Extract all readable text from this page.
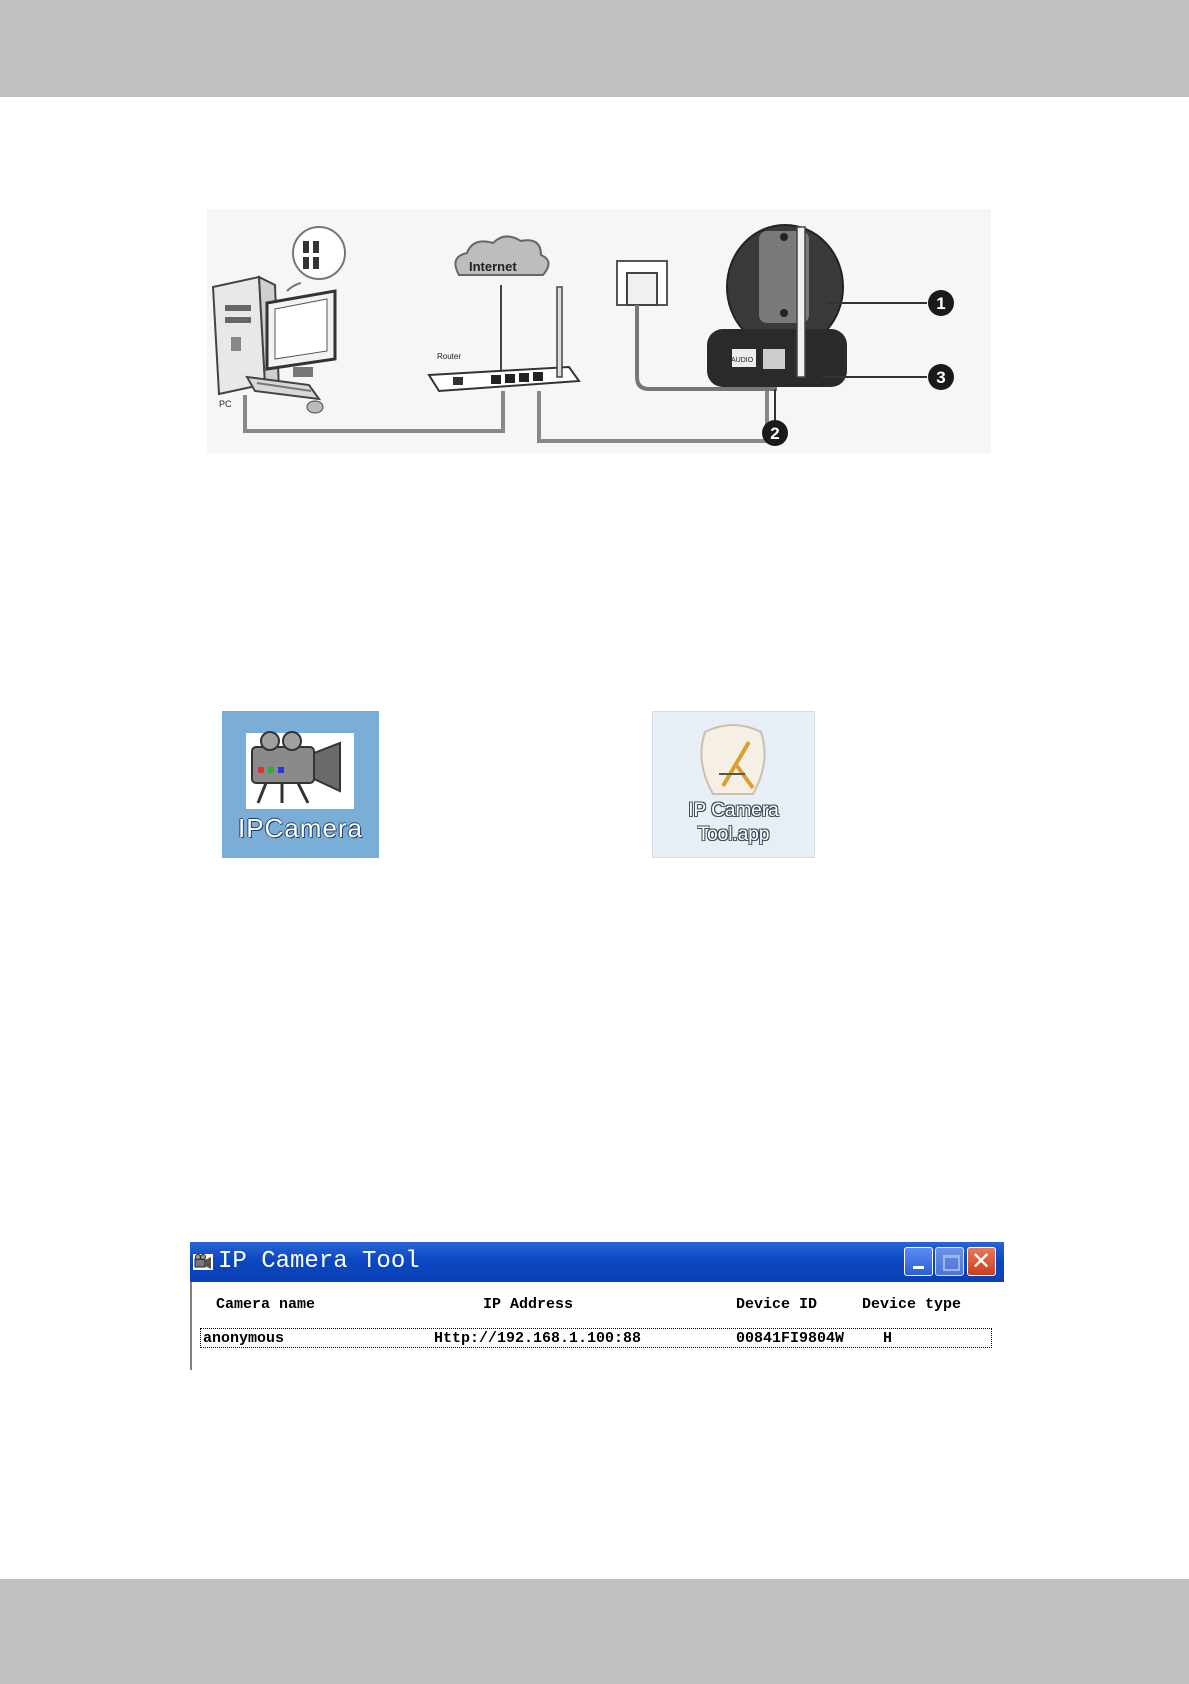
PC
Internet
Router	AUDIO
1
2
3
IPCamera
IP Camera
Tool.app
IP Camera Tool	✕
Camera name	IP Address	Device ID	Device type
anonymous	Http://192.168.1.100:88	00841FI9804W	H
